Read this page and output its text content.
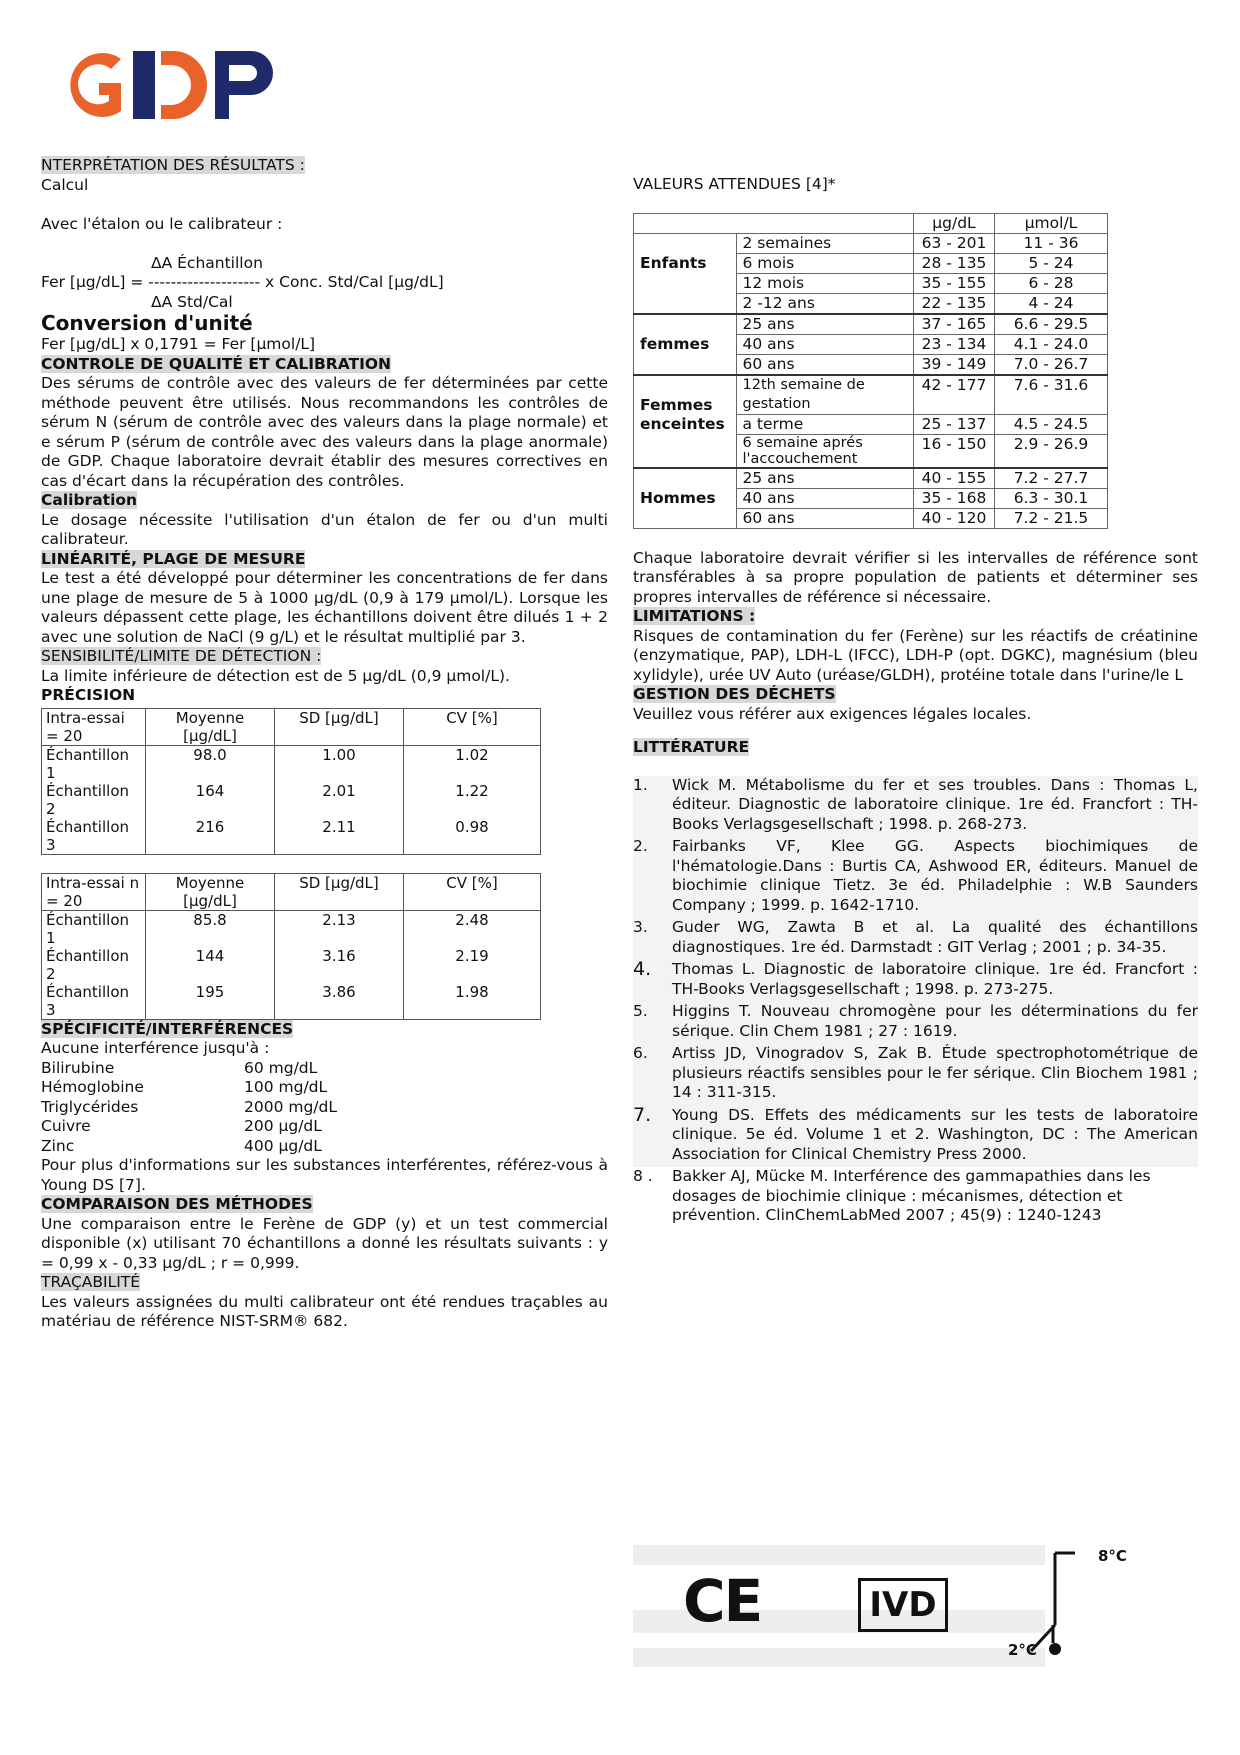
NTERPRÉTATION DES RÉSULTATS :
Calcul
Avec l'étalon ou le calibrateur :
ΔA Échantillon
Fer [µg/dL] = -------------------- x Conc. Std/Cal [µg/dL]
ΔA Std/Cal
Conversion d'unité
Fer [µg/dL] x 0,1791 = Fer [µmol/L]
CONTROLE DE QUALITÉ ET CALIBRATION
Des sérums de contrôle avec des valeurs de fer déterminées par cette méthode peuvent être utilisés. Nous recommandons les contrôles de sérum N (sérum de contrôle avec des valeurs dans la plage normale) et e sérum P (sérum de contrôle avec des valeurs dans la plage anormale) de GDP. Chaque laboratoire devrait établir des mesures correctives en cas d'écart dans la récupération des contrôles.
Calibration
Le dosage nécessite l'utilisation d'un étalon de fer ou d'un multi calibrateur.
LINÉARITÉ, PLAGE DE MESURE
Le test a été développé pour déterminer les concentrations de fer dans une plage de mesure de 5 à 1000 µg/dL (0,9 à 179 µmol/L). Lorsque les valeurs dépassent cette plage, les échantillons doivent être dilués 1 + 2 avec une solution de NaCl (9 g/L) et le résultat multiplié par 3.
SENSIBILITÉ/LIMITE DE DÉTECTION :
La limite inférieure de détection est de 5 µg/dL (0,9 µmol/L).
PRÉCISION
Intra-essai = 20	Moyenne [µg/dL]	SD [µg/dL]	CV [%]
Échantillon 1	98.0	1.00	1.02
Échantillon 2	164	2.01	1.22
Échantillon 3	216	2.11	0.98
Intra-essai n = 20	Moyenne [µg/dL]	SD [µg/dL]	CV [%]
Échantillon 1	85.8	2.13	2.48
Échantillon 2	144	3.16	2.19
Échantillon 3	195	3.86	1.98
SPÉCIFICITÉ/INTERFÉRENCES
Aucune interférence jusqu'à :
Bilirubine	60 mg/dL
Hémoglobine	100 mg/dL
Triglycérides	2000 mg/dL
Cuivre	200 µg/dL
Zinc	400 µg/dL
Pour plus d'informations sur les substances interférentes, référez-vous à Young DS [7].
COMPARAISON DES MÉTHODES
Une comparaison entre le Ferène de GDP (y) et un test commercial disponible (x) utilisant 70 échantillons a donné les résultats suivants : y = 0,99 x - 0,33 µg/dL ; r = 0,999.
TRAÇABILITÉ
Les valeurs assignées du multi calibrateur ont été rendues traçables au matériau de référence NIST-SRM® 682.
VALEURS ATTENDUES [4]*
		µg/dL	µmol/L
Enfants	2 semaines	63 - 201	11 - 36
	6 mois	28 - 135	5 - 24
	12 mois	35 - 155	6 - 28
	2 -12 ans	22 - 135	4 - 24
femmes	25 ans	37 - 165	6.6 - 29.5
	40 ans	23 - 134	4.1 - 24.0
	60 ans	39 - 149	7.0 - 26.7
Femmes enceintes	12th semaine de gestation	42 - 177	7.6 - 31.6
	a terme	25 - 137	4.5 - 24.5
	6 semaine aprés l'accouchement	16 - 150	2.9 - 26.9
Hommes	25 ans	40 - 155	7.2 - 27.7
	40 ans	35 - 168	6.3 - 30.1
	60 ans	40 - 120	7.2 - 21.5
Chaque laboratoire devrait vérifier si les intervalles de référence sont transférables à sa propre population de patients et déterminer ses propres intervalles de référence si nécessaire.
LIMITATIONS :
Risques de contamination du fer (Ferène) sur les réactifs de créatinine (enzymatique, PAP), LDH-L (IFCC), LDH-P (opt. DGKC), magnésium (bleu xylidyle), urée UV Auto (uréase/GLDH), protéine totale dans l'urine/le L
GESTION DES DÉCHETS
Veuillez vous référer aux exigences légales locales.
LITTÉRATURE
1.	Wick M. Métabolisme du fer et ses troubles. Dans : Thomas L, éditeur. Diagnostic de laboratoire clinique. 1re éd. Francfort : TH-Books Verlagsgesellschaft ; 1998. p. 268-273.
2.	Fairbanks VF, Klee GG. Aspects biochimiques de l'hématologie.Dans : Burtis CA, Ashwood ER, éditeurs. Manuel de biochimie clinique Tietz. 3e éd. Philadelphie : W.B Saunders Company ; 1999. p. 1642-1710.
3.	Guder WG, Zawta B et al. La qualité des échantillons diagnostiques. 1re éd. Darmstadt : GIT Verlag ; 2001 ; p. 34-35.
4.	Thomas L. Diagnostic de laboratoire clinique. 1re éd. Francfort : TH-Books Verlagsgesellschaft ; 1998. p. 273-275.
5.	Higgins T. Nouveau chromogène pour les déterminations du fer sérique. Clin Chem 1981 ; 27 : 1619.
6.	Artiss JD, Vinogradov S, Zak B. Étude spectrophotométrique de plusieurs réactifs sensibles pour le fer sérique. Clin Biochem 1981 ; 14 : 311-315.
7.	Young DS. Effets des médicaments sur les tests de laboratoire clinique. 5e éd. Volume 1 et 2. Washington, DC : The American Association for Clinical Chemistry Press 2000.
8 .	Bakker AJ, Mücke M. Interférence des gammapathies dans les dosages de biochimie clinique : mécanismes, détection et prévention. ClinChemLabMed 2007 ; 45(9) : 1240-1243
CE	IVD
8°C
2°C
